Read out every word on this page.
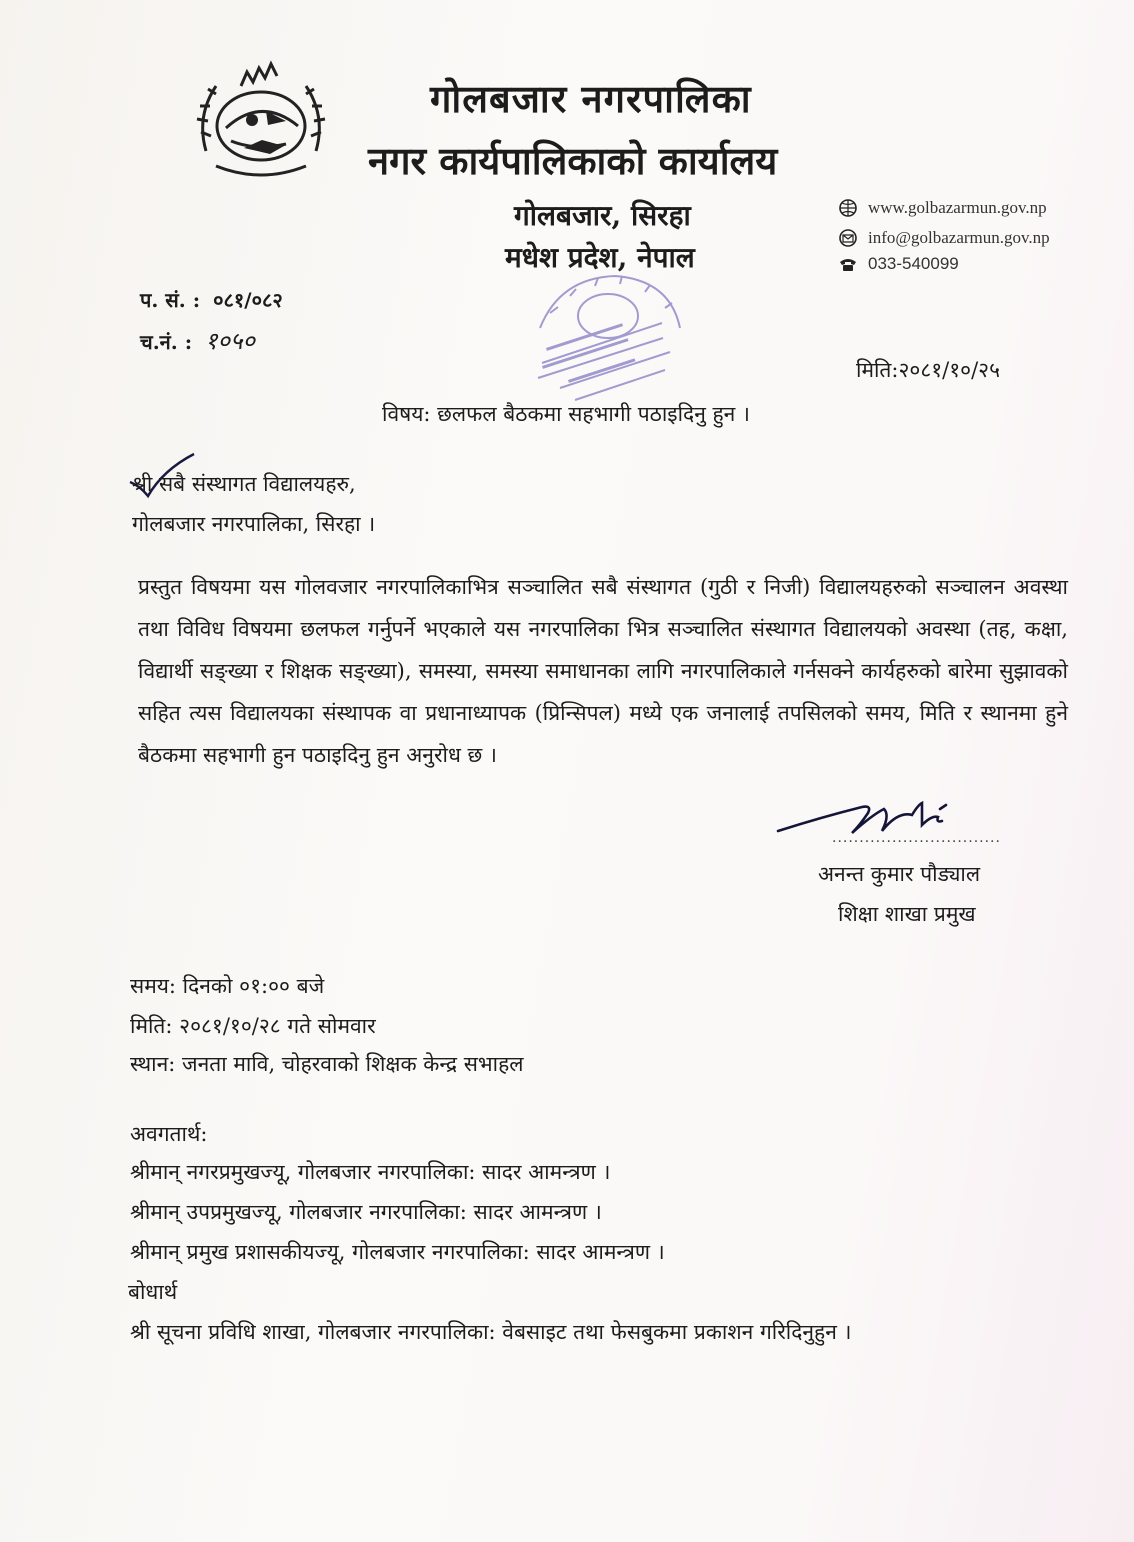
गोलबजार नगरपालिका
नगर कार्यपालिकाको कार्यालय
गोलबजार, सिरहा
मधेश प्रदेश, नेपाल
www.golbazarmun.gov.np
info@golbazarmun.gov.np
033-540099
प. सं. : ०८१/०८२
च.नं. : १०५०
मिति:२०८१/१०/२५
विषय: छलफल बैठकमा सहभागी पठाइदिनु हुन ।
श्री सबै संस्थागत विद्यालयहरु,
गोलबजार नगरपालिका, सिरहा ।
प्रस्तुत विषयमा यस गोलवजार नगरपालिकाभित्र सञ्चालित सबै संस्थागत (गुठी र निजी) विद्यालयहरुको सञ्चालन अवस्था तथा विविध विषयमा छलफल गर्नुपर्ने भएकाले यस नगरपालिका भित्र सञ्चालित संस्थागत विद्यालयको अवस्था (तह, कक्षा, विद्यार्थी सङ्ख्या र शिक्षक सङ्ख्या), समस्या, समस्या समाधानका लागि नगरपालिकाले गर्नसक्ने कार्यहरुको बारेमा सुझावको सहित त्यस विद्यालयका संस्थापक वा प्रधानाध्यापक (प्रिन्सिपल) मध्ये एक जनालाई तपसिलको समय, मिति र स्थानमा हुने बैठकमा सहभागी हुन पठाइदिनु हुन अनुरोध छ ।
...............................
अनन्त कुमार पौड्याल
शिक्षा शाखा प्रमुख
समय: दिनको ०१:०० बजे
मिति: २०८१/१०/२८ गते सोमवार
स्थान: जनता मावि, चोहरवाको शिक्षक केन्द्र सभाहल
अवगतार्थ:
श्रीमान् नगरप्रमुखज्यू, गोलबजार नगरपालिका: सादर आमन्त्रण ।
श्रीमान् उपप्रमुखज्यू, गोलबजार नगरपालिका: सादर आमन्त्रण ।
श्रीमान् प्रमुख प्रशासकीयज्यू, गोलबजार नगरपालिका: सादर आमन्त्रण ।
बोधार्थ
श्री सूचना प्रविधि शाखा, गोलबजार नगरपालिका: वेबसाइट तथा फेसबुकमा प्रकाशन गरिदिनुहुन ।
